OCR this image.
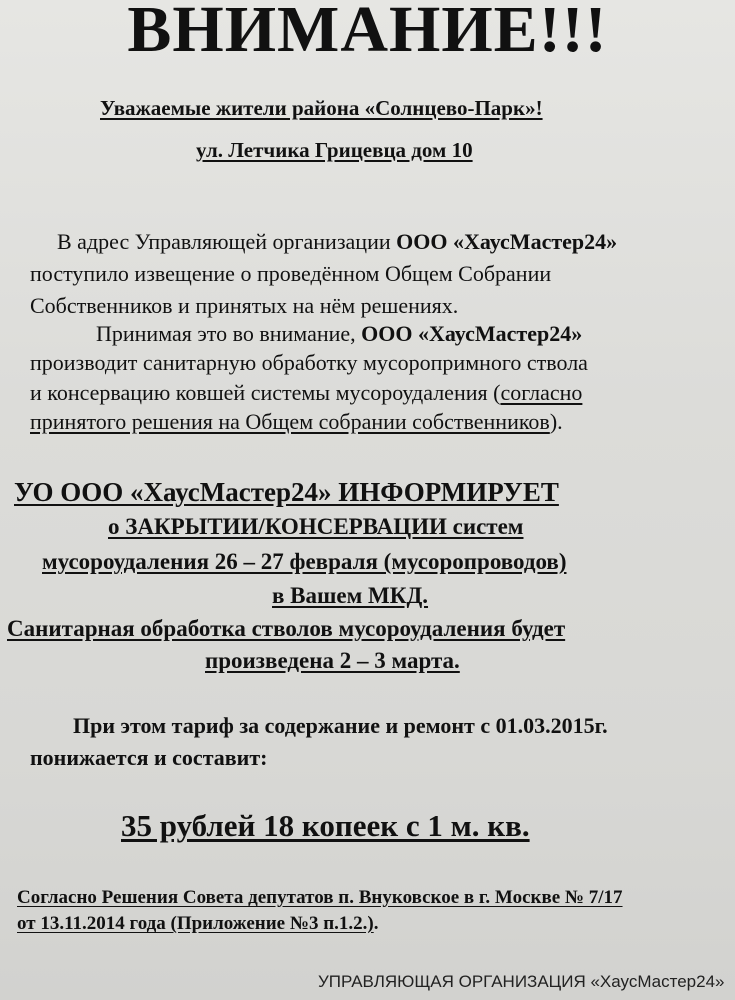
ВНИМАНИЕ!!!
Уважаемые жители района «Солнцево-Парк»!
ул. Летчика Грицевца дом 10
В адрес Управляющей организации ООО «ХаусМастер24»
поступило извещение о проведённом Общем Собрании
Собственников и принятых на нём решениях.
Принимая это во внимание, ООО «ХаусМастер24»
производит санитарную обработку мусоропримного ствола
и консервацию ковшей системы мусороудаления (согласно
принятого решения на Общем собрании собственников).
УО ООО «ХаусМастер24» ИНФОРМИРУЕТ
о ЗАКРЫТИИ/КОНСЕРВАЦИИ систем
мусороудаления 26 – 27 февраля (мусоропроводов)
в Вашем МКД.
Санитарная обработка стволов мусороудаления будет
произведена 2 – 3 марта.
При этом тариф за содержание и ремонт с 01.03.2015г.
понижается и составит:
35 рублей 18 копеек с 1 м. кв.
Согласно Решения Совета депутатов п. Внуковское в г. Москве № 7/17
от 13.11.2014 года (Приложение №3 п.1.2.).
УПРАВЛЯЮЩАЯ ОРГАНИЗАЦИЯ «ХаусМастер24»
